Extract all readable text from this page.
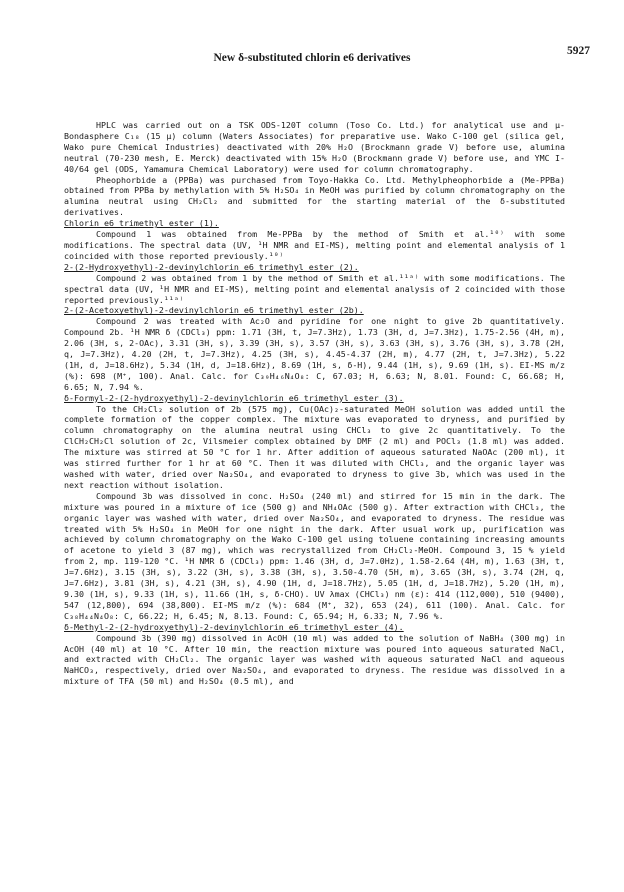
New δ-substituted chlorin e6 derivatives
5927

HPLC was carried out on a TSK ODS-120T column (Toso Co. Ltd.) for analytical use and μ-Bondasphere C₁₈ (15 μ) column (Waters Associates) for preparative use. Wako C-100 gel (silica gel, Wako pure Chemical Industries) deactivated with 20% H₂O (Brockmann grade V) before use, alumina neutral (70-230 mesh, E. Merck) deactivated with 15% H₂O (Brockmann grade V) before use, and YMC I-40/64 gel (ODS, Yamamura Chemical Laboratory) were used for column chromatography.

Pheophorbide a (PPBa) was purchased from Toyo-Hakka Co. Ltd. Methylpheophorbide a (Me-PPBa) obtained from PPBa by methylation with 5% H₂SO₄ in MeOH was purified by column chromatography on the alumina neutral using CH₂Cl₂ and submitted for the starting material of the δ-substituted derivatives.

Chlorin e6 trimethyl ester (1).

Compound 1 was obtained from Me-PPBa by the method of Smith et al.¹⁰⁾ with some modifications. The spectral data (UV, ¹H NMR and EI-MS), melting point and elemental analysis of 1 coincided with those reported previously.¹⁰⁾

2-(2-Hydroxyethyl)-2-devinylchlorin e6 trimethyl ester (2).

Compound 2 was obtained from 1 by the method of Smith et al.¹¹ᵃ⁾ with some modifications. The spectral data (UV, ¹H NMR and EI-MS), melting point and elemental analysis of 2 coincided with those reported previously.¹¹ᵃ⁾

2-(2-Acetoxyethyl)-2-devinylchlorin e6 trimethyl ester (2b).

Compound 2 was treated with Ac₂O and pyridine for one night to give 2b quantitatively. Compound 2b. ¹H NMR δ (CDCl₃) ppm: 1.71 (3H, t, J=7.3Hz), 1.73 (3H, d, J=7.3Hz), 1.75-2.56 (4H, m), 2.06 (3H, s, 2-OAc), 3.31 (3H, s), 3.39 (3H, s), 3.57 (3H, s), 3.63 (3H, s), 3.76 (3H, s), 3.78 (2H, q, J=7.3Hz), 4.20 (2H, t, J=7.3Hz), 4.25 (3H, s), 4.45-4.37 (2H, m), 4.77 (2H, t, J=7.3Hz), 5.22 (1H, d, J=18.6Hz), 5.34 (1H, d, J=18.6Hz), 8.69 (1H, s, δ-H), 9.44 (1H, s), 9.69 (1H, s). EI-MS m/z (%): 698 (M⁺, 100). Anal. Calc. for C₃₉H₄₆N₄O₈: C, 67.03; H, 6.63; N, 8.01. Found: C, 66.68; H, 6.65; N, 7.94 %.

δ-Formyl-2-(2-hydroxyethyl)-2-devinylchlorin e6 trimethyl ester (3).

To the CH₂Cl₂ solution of 2b (575 mg), Cu(OAc)₂-saturated MeOH solution was added until the complete formation of the copper complex. The mixture was evaporated to dryness, and purified by column chromatography on the alumina neutral using CHCl₃ to give 2c quantitatively. To the ClCH₂CH₂Cl solution of 2c, Vilsmeier complex obtained by DMF (2 ml) and POCl₃ (1.8 ml) was added. The mixture was stirred at 50 °C for 1 hr. After addition of aqueous saturated NaOAc (200 ml), it was stirred further for 1 hr at 60 °C. Then it was diluted with CHCl₃, and the organic layer was washed with water, dried over Na₂SO₄, and evaporated to dryness to give 3b, which was used in the next reaction without isolation.

Compound 3b was dissolved in conc. H₂SO₄ (240 ml) and stirred for 15 min in the dark. The mixture was poured in a mixture of ice (500 g) and NH₄OAc (500 g). After extraction with CHCl₃, the organic layer was washed with water, dried over Na₂SO₄, and evaporated to dryness. The residue was treated with 5% H₂SO₄ in MeOH for one night in the dark. After usual work up, purification was achieved by column chromatography on the Wako C-100 gel using toluene containing increasing amounts of acetone to yield 3 (87 mg), which was recrystallized from CH₂Cl₂-MeOH. Compound 3, 15 % yield from 2, mp. 119-120 °C. ¹H NMR δ (CDCl₃) ppm: 1.46 (3H, d, J=7.0Hz), 1.58-2.64 (4H, m), 1.63 (3H, t, J=7.6Hz), 3.15 (3H, s), 3.22 (3H, s), 3.38 (3H, s), 3.50-4.70 (5H, m), 3.65 (3H, s), 3.74 (2H, q, J=7.6Hz), 3.81 (3H, s), 4.21 (3H, s), 4.90 (1H, d, J=18.7Hz), 5.05 (1H, d, J=18.7Hz), 5.20 (1H, m), 9.30 (1H, s), 9.33 (1H, s), 11.66 (1H, s, δ-CHO). UV λmax (CHCl₃) nm (ε): 414 (112,000), 510 (9400), 547 (12,800), 694 (38,800). EI-MS m/z (%): 684 (M⁺, 32), 653 (24), 611 (100). Anal. Calc. for C₃₈H₄₄N₄O₈: C, 66.22; H, 6.45; N, 8.13. Found: C, 65.94; H, 6.33; N, 7.96 %.

δ-Methyl-2-(2-hydroxyethyl)-2-devinylchlorin e6 trimethyl ester (4).

Compound 3b (390 mg) dissolved in AcOH (10 ml) was added to the solution of NaBH₄ (300 mg) in AcOH (40 ml) at 10 °C. After 10 min, the reaction mixture was poured into aqueous saturated NaCl, and extracted with CH₂Cl₂. The organic layer was washed with aqueous saturated NaCl and aqueous NaHCO₃, respectively, dried over Na₂SO₄, and evaporated to dryness. The residue was dissolved in a mixture of TFA (50 ml) and H₂SO₄ (0.5 ml), and
